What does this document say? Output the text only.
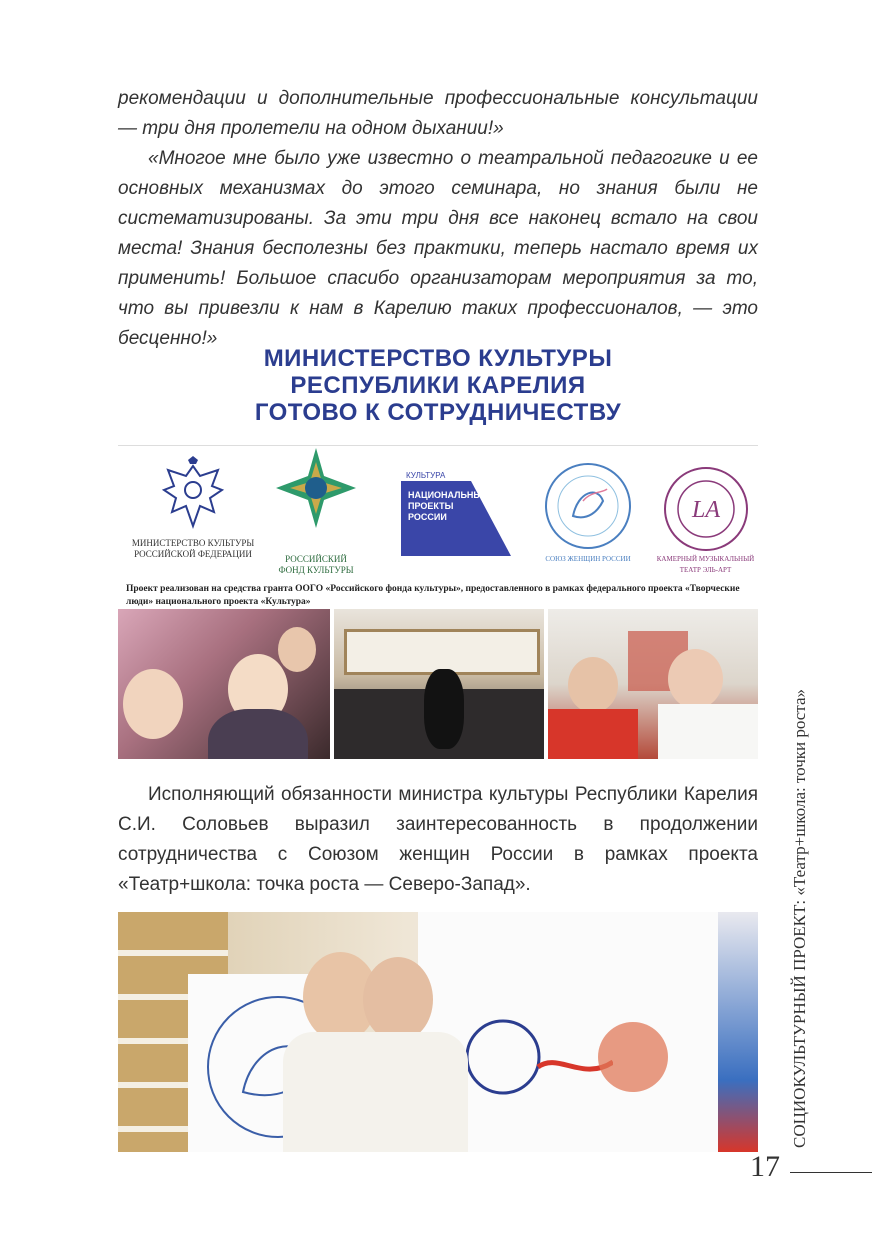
рекомендации и дополнительные профессиональные консультации — три дня пролетели на одном дыхании!»

«Многое мне было уже известно о театральной педагогике и ее основных механизмах до этого семинара, но знания были не систематизированы. За эти три дня все наконец встало на свои места! Знания бесполезны без практики, теперь настало время их применить! Большое спасибо организаторам мероприятия за то, что вы привезли к нам в Карелию таких профессионалов, — это бесценно!»

МИНИСТЕРСТВО КУЛЬТУРЫ
РЕСПУБЛИКИ КАРЕЛИЯ
ГОТОВО К СОТРУДНИЧЕСТВУ
МИНИСТЕРСТВО КУЛЬТУРЫ РОССИЙСКОЙ ФЕДЕРАЦИИ	РОССИЙСКИЙ ФОНД КУЛЬТУРЫ
КУЛЬТУРА
НАЦИОНАЛЬНЫЕ ПРОЕКТЫ РОССИИ
СОЮЗ ЖЕНЩИН РОССИИ
LA
КАМЕРНЫЙ МУЗЫКАЛЬНЫЙ ТЕАТР ЭЛЬ-АРТ
Проект реализован на средства гранта ООГО «Российского фонда культуры», предоставленного в рамках федерального проекта «Творческие люди» национального проекта «Культура»

Исполняющий обязанности министра культуры Республики Карелия С.И. Соловьев выразил заинтересованность в продолжении сотрудничества с Союзом женщин России в рамках проекта «Театр+школа: точка роста — Северо-Запад».	СОЦИОКУЛЬТУРНЫЙ ПРОЕКТ: «Театр+школа: точки роста»
17
